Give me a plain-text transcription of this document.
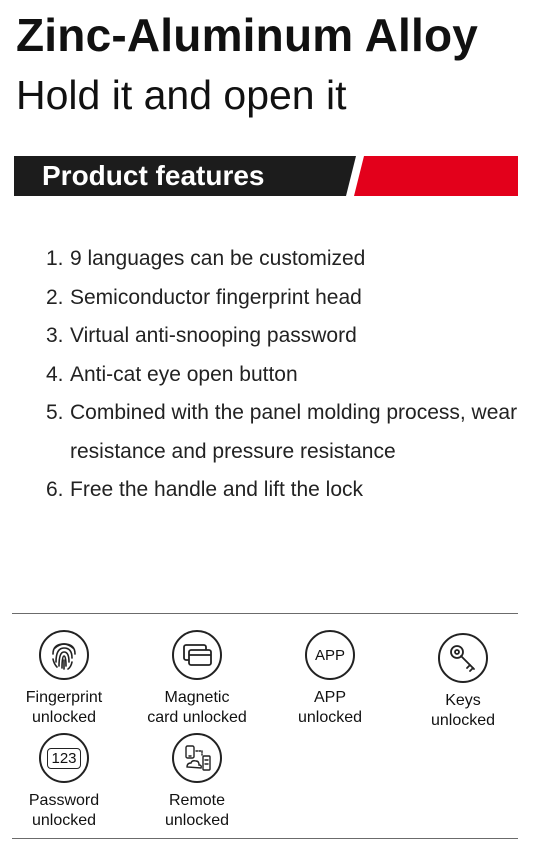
Zinc-Aluminum Alloy
Hold it and open it
Product features
1. 9 languages can be customized
2. Semiconductor fingerprint head
3. Virtual anti-snooping password
4. Anti-cat eye open button
5. Combined with the panel molding process, wear resistance and pressure resistance
6. Free the handle and lift the lock
Fingerprint
unlocked
Magnetic
card unlocked
APP
APP
unlocked
Keys
unlocked
123
Password
unlocked
Remote
unlocked
